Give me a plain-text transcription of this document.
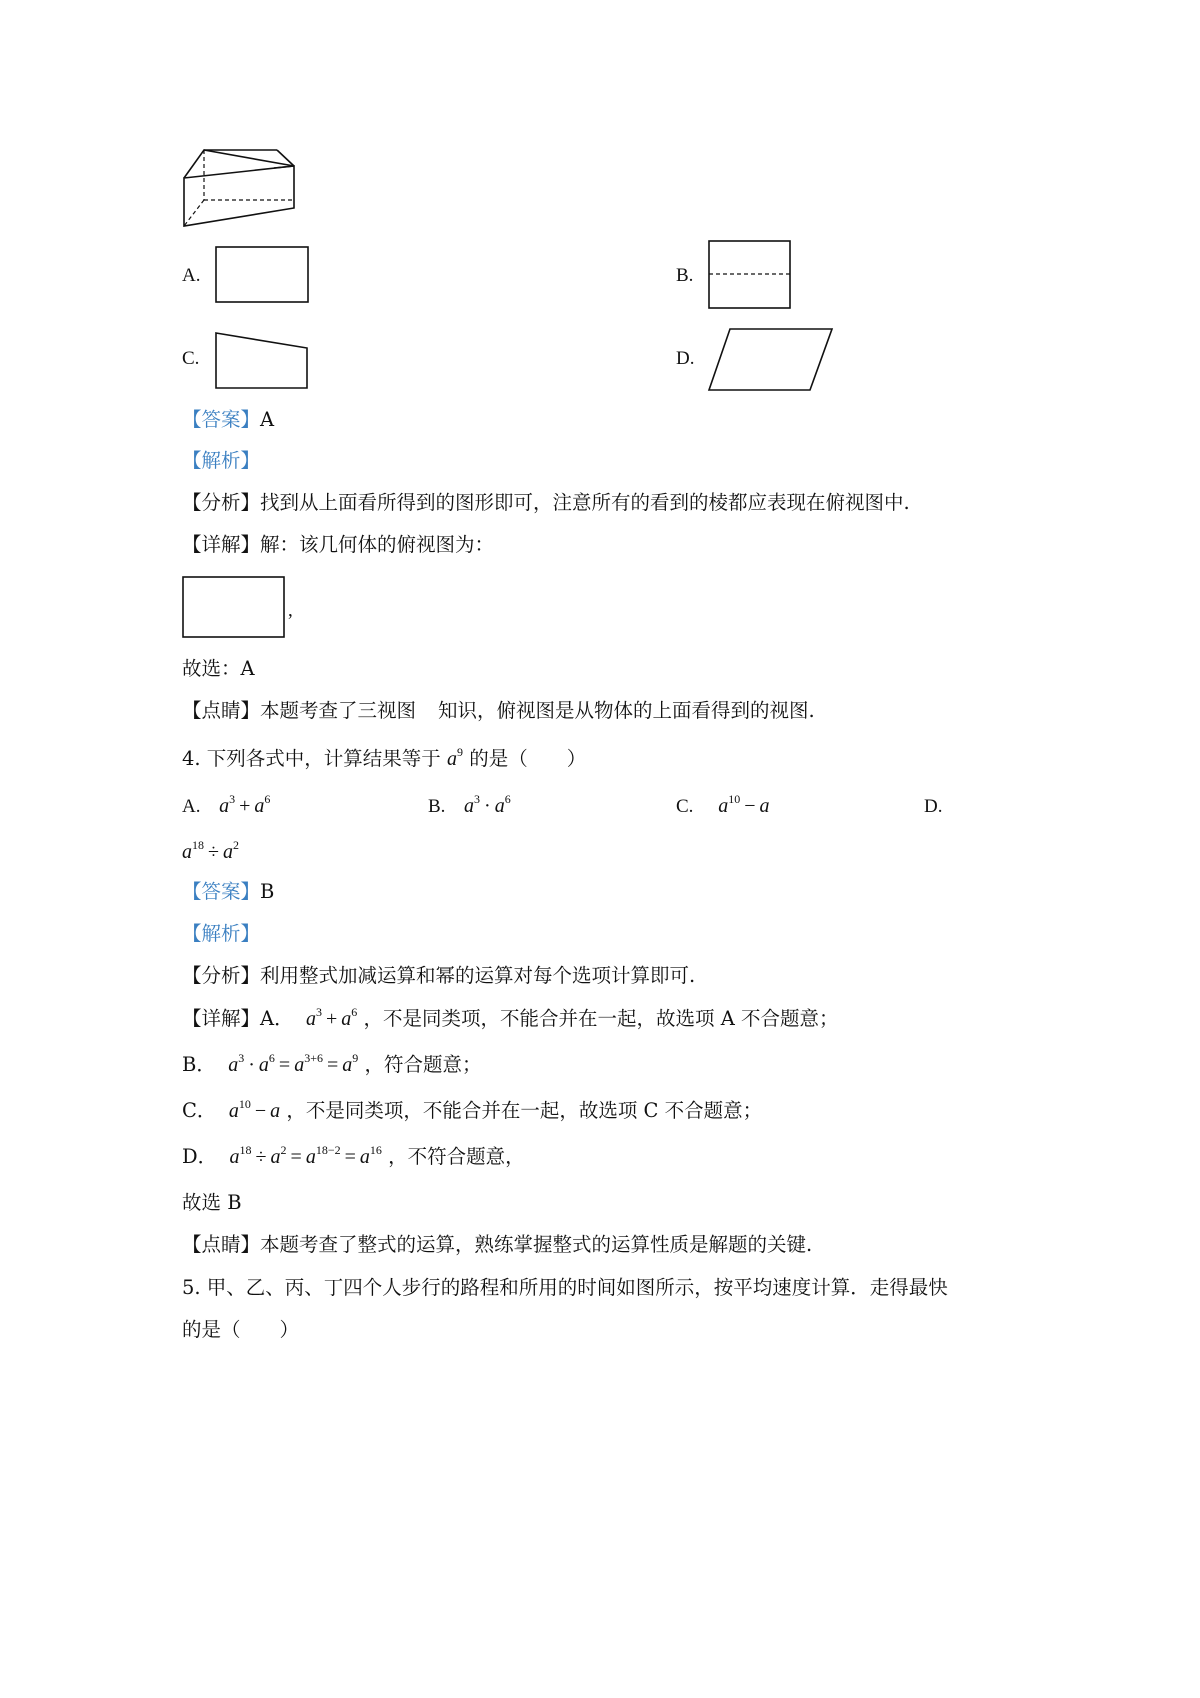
A.	B.
C.	D.
【答案】A
【解析】
【分析】找到从上面看所得到的图形即可，注意所有的看到的棱都应表现在俯视图中.
【详解】解：该几何体的俯视图为：
,
故选：A
【点睛】本题考查了三视图 知识，俯视图是从物体的上面看得到的视图.
4. 下列各式中，计算结果等于 $a^9$ 的是（　　）
A. $a^3 + a^6$	B. $a^3 \cdot a^6$	C. $a^{10} - a$	D.
$a^{18} \div a^2$
【答案】B
【解析】
【分析】利用整式加减运算和幂的运算对每个选项计算即可.
【详解】A． $a^3 + a^6$ ，不是同类项，不能合并在一起，故选项 A 不合题意；
B． $a^3 \cdot a^6 = a^{3+6} = a^9$ ，符合题意；
C． $a^{10} - a$ ，不是同类项，不能合并在一起，故选项 C 不合题意；
D． $a^{18} \div a^2 = a^{18-2} = a^{16}$ ，不符合题意，
故选 B
【点睛】本题考查了整式的运算，熟练掌握整式的运算性质是解题的关键.
5. 甲、乙、丙、丁四个人步行的路程和所用的时间如图所示，按平均速度计算．走得最快
的是（　　）
